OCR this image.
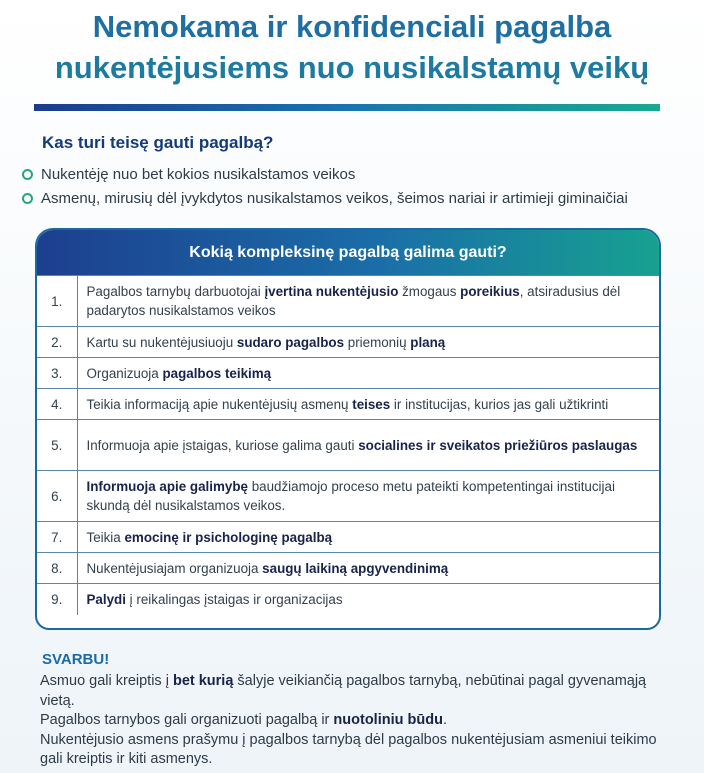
Nemokama ir konfidenciali pagalba
nukentėjusiems nuo nusikalstamų veikų
Kas turi teisę gauti pagalbą?
Nukentėję nuo bet kokios nusikalstamos veikos
Asmenų, mirusių dėl įvykdytos nusikalstamos veikos, šeimos nariai ir artimieji giminaičiai
Kokią kompleksinę pagalbą galima gauti?
1.	Pagalbos tarnybų darbuotojai įvertina nukentėjusio žmogaus poreikius, atsiradusius dėl padarytos nusikalstamos veikos
2.	Kartu su nukentėjusiuoju sudaro pagalbos priemonių planą
3.	Organizuoja pagalbos teikimą
4.	Teikia informaciją apie nukentėjusių asmenų teises ir institucijas, kurios jas gali užtikrinti
5.	Informuoja apie įstaigas, kuriose galima gauti socialines ir sveikatos priežiūros paslaugas
6.	Informuoja apie galimybę baudžiamojo proceso metu pateikti kompetentingai institucijai skundą dėl nusikalstamos veikos.
7.	Teikia emocinę ir psichologinę pagalbą
8.	Nukentėjusiajam organizuoja saugų laikiną apgyvendinimą
9.	Palydi į reikalingas įstaigas ir organizacijas
SVARBU!

Asmuo gali kreiptis į bet kurią šalyje veikiančią pagalbos tarnybą, nebūtinai pagal gyvenamąją vietą.

Pagalbos tarnybos gali organizuoti pagalbą ir nuotoliniu būdu.

Nukentėjusio asmens prašymu į pagalbos tarnybą dėl pagalbos nukentėjusiam asmeniui teikimo gali kreiptis ir kiti asmenys.
